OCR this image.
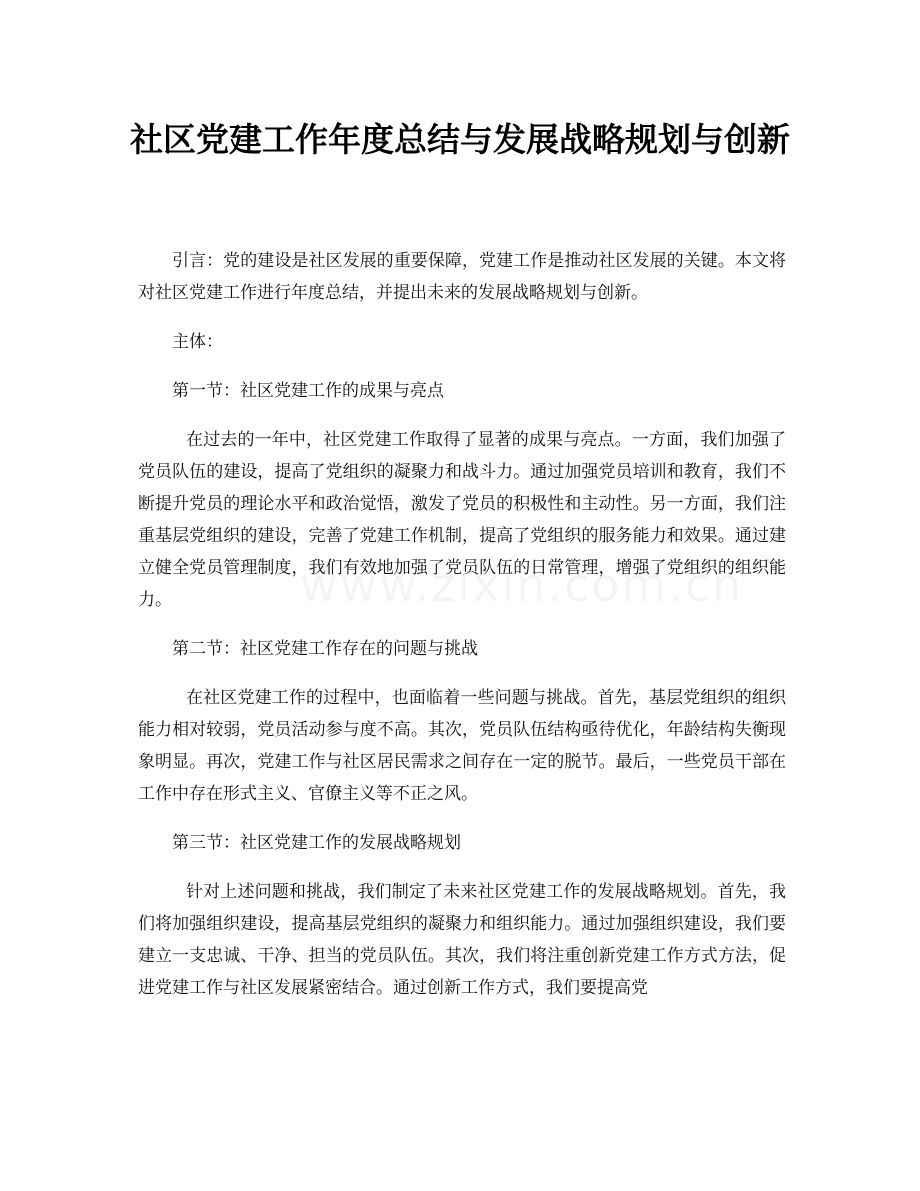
社区党建工作年度总结与发展战略规划与创新

引言：党的建设是社区发展的重要保障，党建工作是推动社区发展的关键。本文将对社区党建工作进行年度总结，并提出未来的发展战略规划与创新。

主体：

第一节：社区党建工作的成果与亮点

在过去的一年中，社区党建工作取得了显著的成果与亮点。一方面，我们加强了党员队伍的建设，提高了党组织的凝聚力和战斗力。通过加强党员培训和教育，我们不断提升党员的理论水平和政治觉悟，激发了党员的积极性和主动性。另一方面，我们注重基层党组织的建设，完善了党建工作机制，提高了党组织的服务能力和效果。通过建立健全党员管理制度，我们有效地加强了党员队伍的日常管理，增强了党组织的组织能力。

第二节：社区党建工作存在的问题与挑战

在社区党建工作的过程中，也面临着一些问题与挑战。首先，基层党组织的组织能力相对较弱，党员活动参与度不高。其次，党员队伍结构亟待优化，年龄结构失衡现象明显。再次，党建工作与社区居民需求之间存在一定的脱节。最后，一些党员干部在工作中存在形式主义、官僚主义等不正之风。

第三节：社区党建工作的发展战略规划

针对上述问题和挑战，我们制定了未来社区党建工作的发展战略规划。首先，我们将加强组织建设，提高基层党组织的凝聚力和组织能力。通过加强组织建设，我们要建立一支忠诚、干净、担当的党员队伍。其次，我们将注重创新党建工作方式方法，促进党建工作与社区发展紧密结合。通过创新工作方式，我们要提高党
